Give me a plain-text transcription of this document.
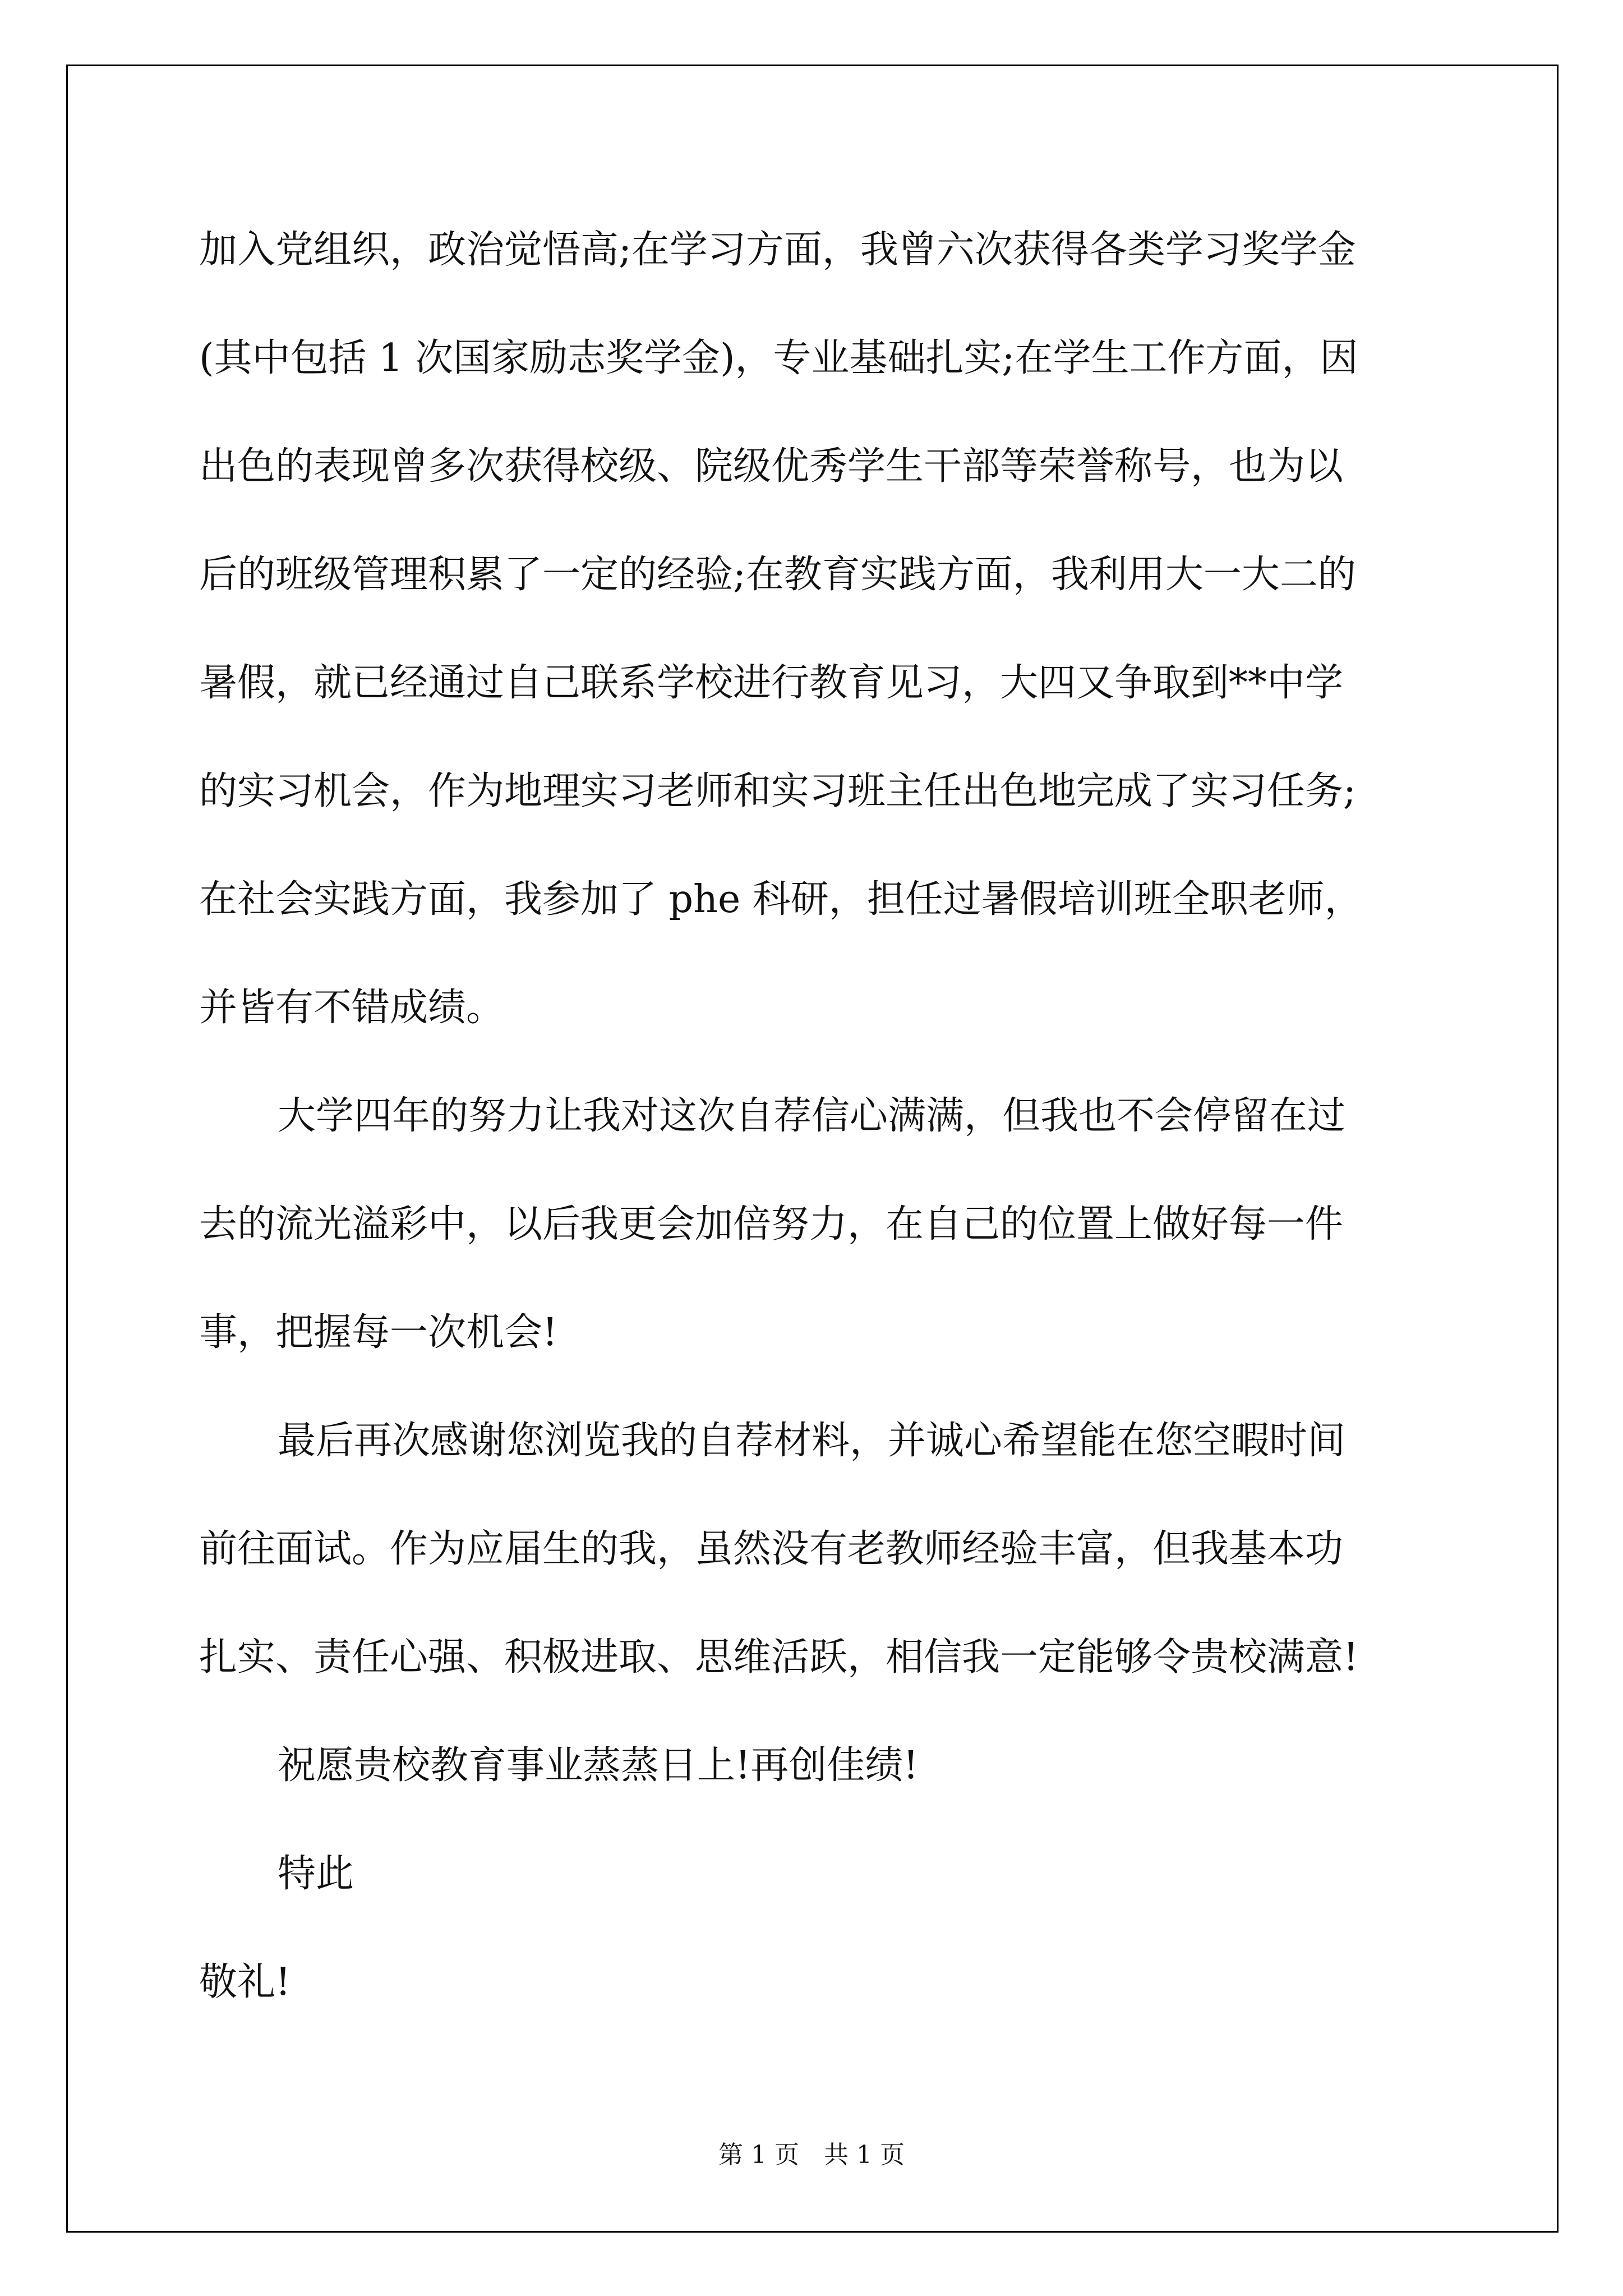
加入党组织，政治觉悟高;在学习方面，我曾六次获得各类学习奖学金

(其中包括 1 次国家励志奖学金)，专业基础扎实;在学生工作方面，因

出色的表现曾多次获得校级、院级优秀学生干部等荣誉称号，也为以

后的班级管理积累了一定的经验;在教育实践方面，我利用大一大二的

暑假，就已经通过自己联系学校进行教育见习，大四又争取到**中学

的实习机会，作为地理实习老师和实习班主任出色地完成了实习任务;

在社会实践方面，我参加了 phe 科研，担任过暑假培训班全职老师，

并皆有不错成绩。

大学四年的努力让我对这次自荐信心满满，但我也不会停留在过

去的流光溢彩中，以后我更会加倍努力，在自己的位置上做好每一件

事，把握每一次机会!

最后再次感谢您浏览我的自荐材料，并诚心希望能在您空暇时间

前往面试。作为应届生的我，虽然没有老教师经验丰富，但我基本功

扎实、责任心强、积极进取、思维活跃，相信我一定能够令贵校满意!

祝愿贵校教育事业蒸蒸日上!再创佳绩!

特此

敬礼!

第 1 页　共 1 页
